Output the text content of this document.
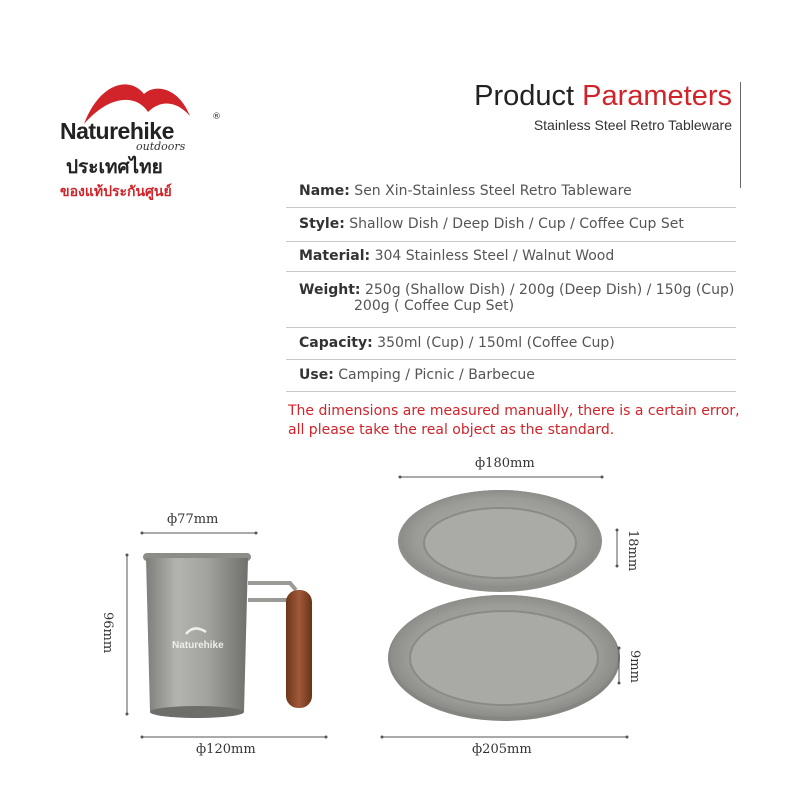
Naturehike
®
outdoors
ประเทศไทย
ของแท้ประกันศูนย์
Product Parameters
Stainless Steel Retro Tableware
Name: Sen Xin-Stainless Steel Retro Tableware
Style: Shallow Dish / Deep Dish / Cup / Coffee Cup Set
Material: 304 Stainless Steel / Walnut Wood
Weight: 250g (Shallow Dish) / 200g (Deep Dish) / 150g (Cup)
200g ( Coffee Cup Set)
Capacity: 350ml (Cup) / 150ml (Coffee Cup)
Use: Camping / Picnic / Barbecue
The dimensions are measured manually, there is a certain error,
all please take the real object as the standard.
Naturehike
ф77mm
96mm
ф120mm
ф180mm
18mm
9mm
ф205mm
